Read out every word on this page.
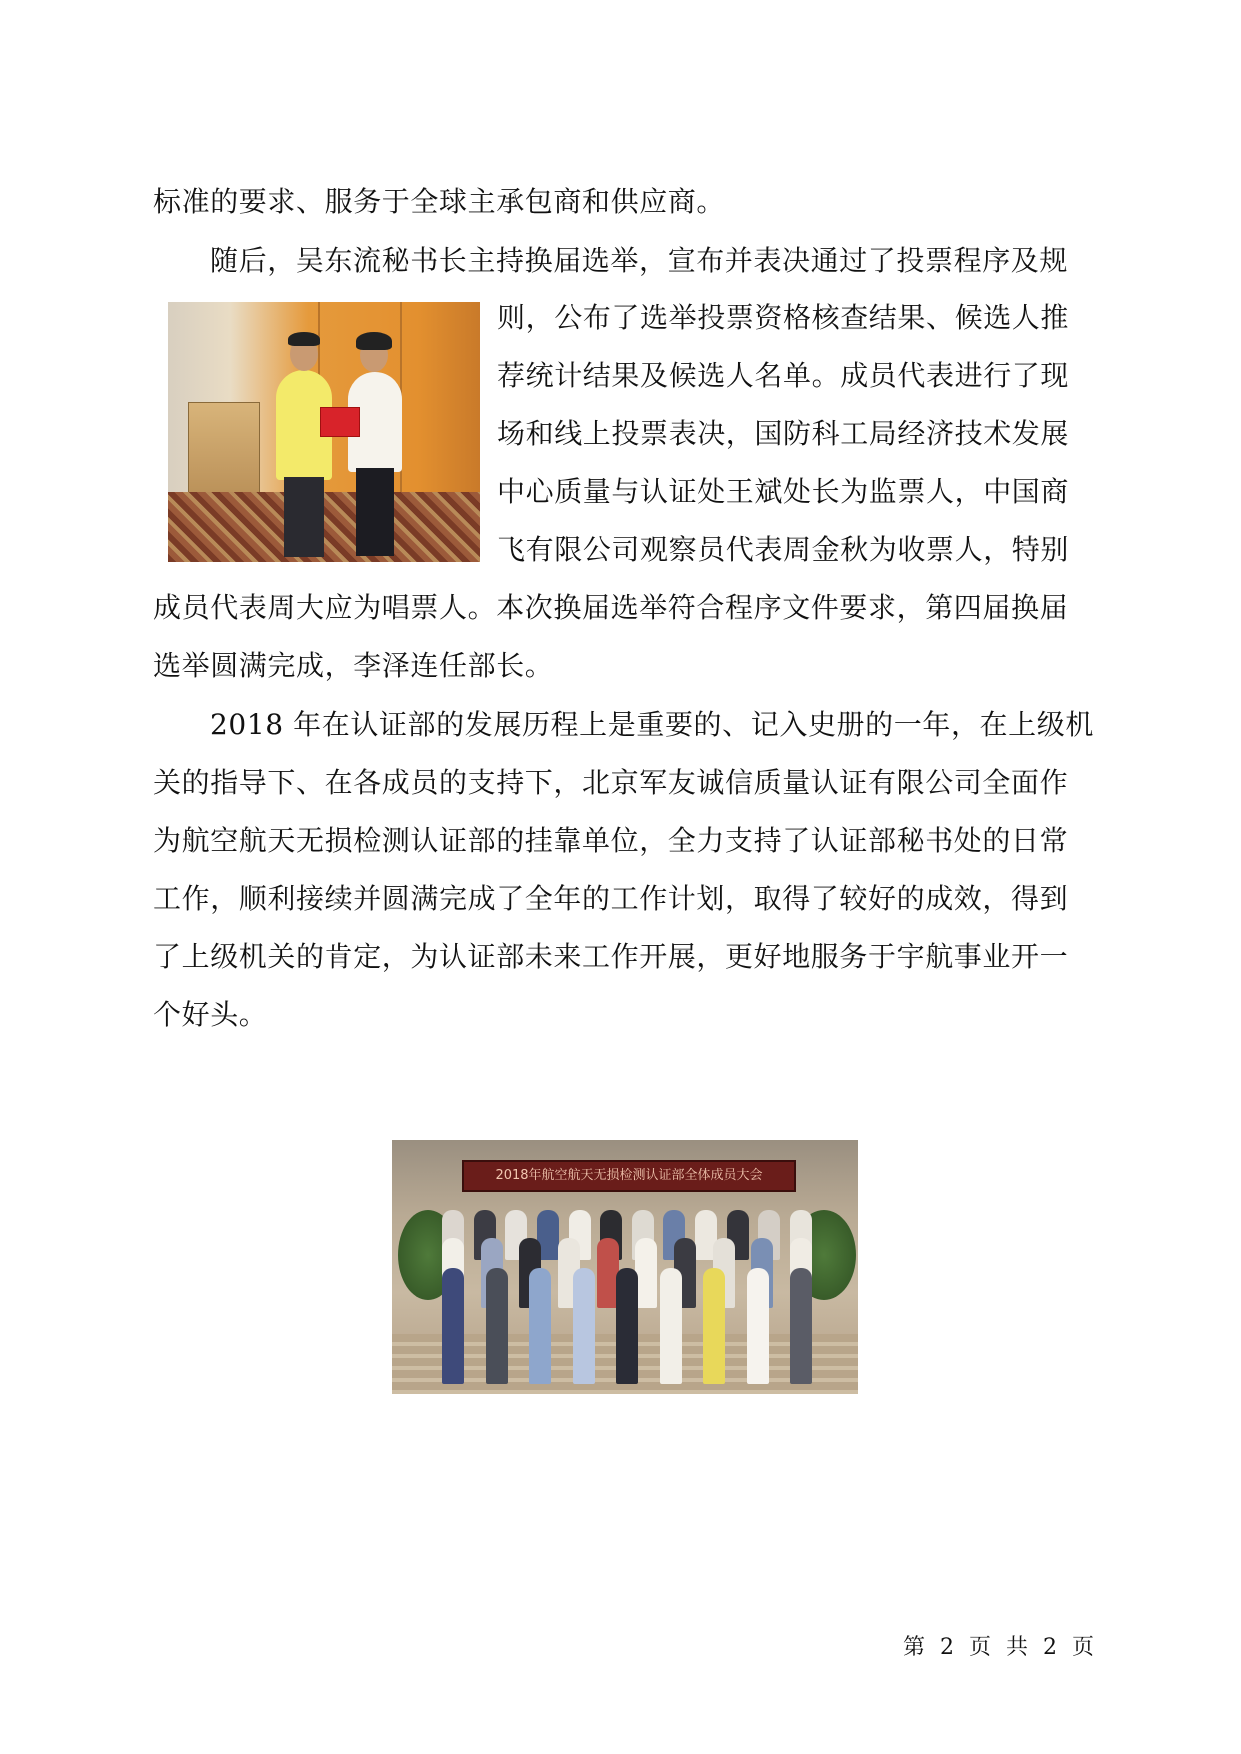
标准的要求、服务于全球主承包商和供应商。
随后，吴东流秘书长主持换届选举，宣布并表决通过了投票程序及规
则，公布了选举投票资格核查结果、候选人推
荐统计结果及候选人名单。成员代表进行了现
场和线上投票表决，国防科工局经济技术发展
中心质量与认证处王斌处长为监票人，中国商
飞有限公司观察员代表周金秋为收票人，特别
成员代表周大应为唱票人。本次换届选举符合程序文件要求，第四届换届
选举圆满完成，李泽连任部长。
2018 年在认证部的发展历程上是重要的、记入史册的一年，在上级机
关的指导下、在各成员的支持下，北京军友诚信质量认证有限公司全面作
为航空航天无损检测认证部的挂靠单位，全力支持了认证部秘书处的日常
工作，顺利接续并圆满完成了全年的工作计划，取得了较好的成效，得到
了上级机关的肯定，为认证部未来工作开展，更好地服务于宇航事业开一
个好头。
2018年航空航天无损检测认证部全体成员大会
第 2 页 共 2 页
